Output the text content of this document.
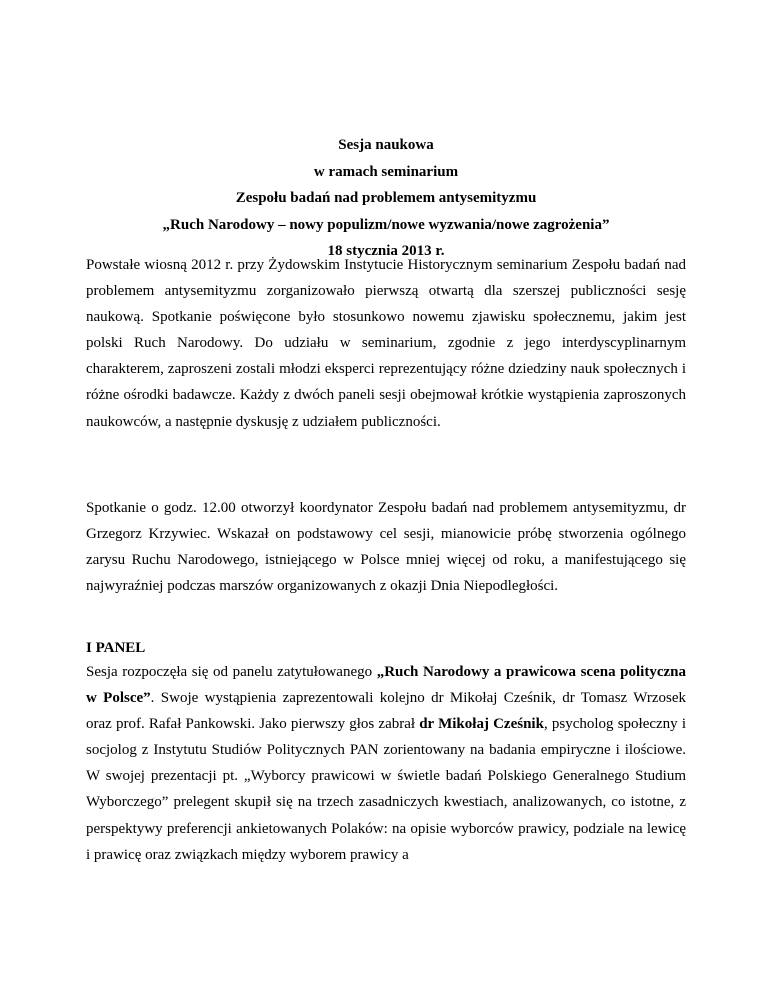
Sesja naukowa
w ramach seminarium
Zespołu badań nad problemem antysemityzmu
„Ruch Narodowy – nowy populizm/nowe wyzwania/nowe zagrożenia”
18 stycznia 2013 r.
Powstałe wiosną 2012 r. przy Żydowskim Instytucie Historycznym seminarium Zespołu badań nad problemem antysemityzmu zorganizowało pierwszą otwartą dla szerszej publiczności sesję naukową. Spotkanie poświęcone było stosunkowo nowemu zjawisku społecznemu, jakim jest polski Ruch Narodowy. Do udziału w seminarium, zgodnie z jego interdyscyplinarnym charakterem, zaproszeni zostali młodzi eksperci reprezentujący różne dziedziny nauk społecznych i różne ośrodki badawcze. Każdy z dwóch paneli sesji obejmował krótkie wystąpienia zaproszonych naukowców, a następnie dyskusję z udziałem publiczności.
Spotkanie o godz. 12.00 otworzył koordynator Zespołu badań nad problemem antysemityzmu, dr Grzegorz Krzywiec. Wskazał on podstawowy cel sesji, mianowicie próbę stworzenia ogólnego zarysu Ruchu Narodowego, istniejącego w Polsce mniej więcej od roku, a manifestującego się najwyraźniej podczas marszów organizowanych z okazji Dnia Niepodległości.
I PANEL
Sesja rozpoczęła się od panelu zatytułowanego „Ruch Narodowy a prawicowa scena polityczna w Polsce”. Swoje wystąpienia zaprezentowali kolejno dr Mikołaj Cześnik, dr Tomasz Wrzosek oraz prof. Rafał Pankowski. Jako pierwszy głos zabrał dr Mikołaj Cześnik, psycholog społeczny i socjolog z Instytutu Studiów Politycznych PAN zorientowany na badania empiryczne i ilościowe. W swojej prezentacji pt. „Wyborcy prawicowi w świetle badań Polskiego Generalnego Studium Wyborczego” prelegent skupił się na trzech zasadniczych kwestiach, analizowanych, co istotne, z perspektywy preferencji ankietowanych Polaków: na opisie wyborców prawicy, podziale na lewicę i prawicę oraz związkach między wyborem prawicy a
